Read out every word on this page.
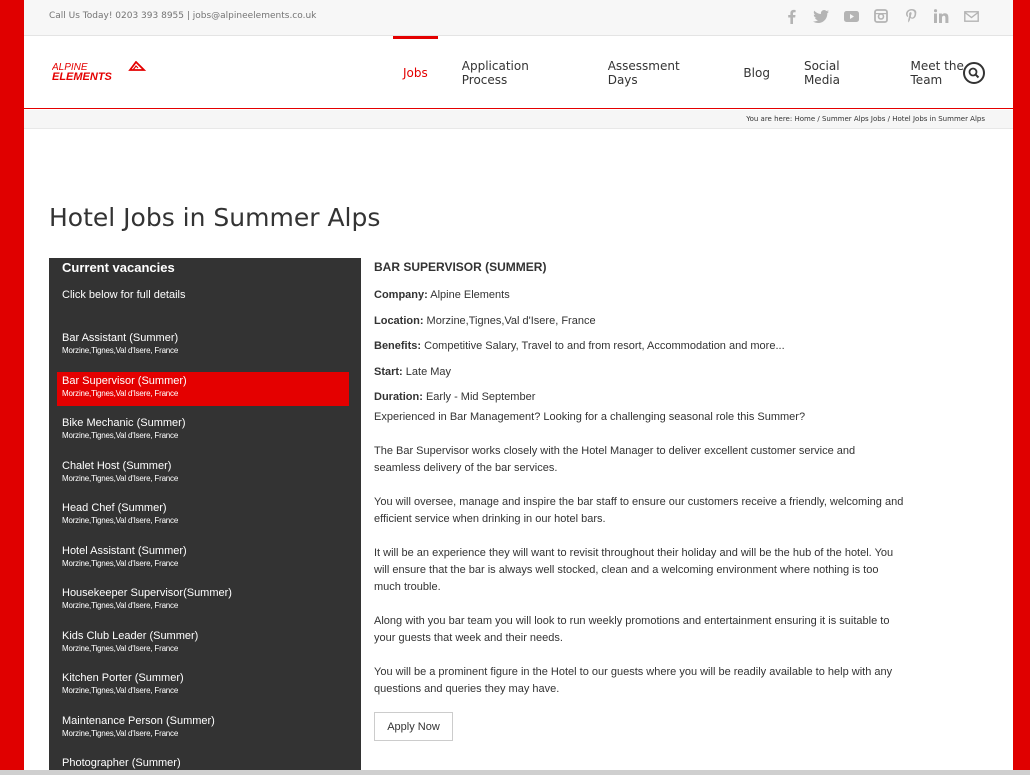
Call Us Today! 0203 393 8955 | jobs@alpineelements.co.uk
ALPINE
ELEMENTS	Jobs	Application Process
Assessment Days	Blog	Social Media
Meet the Team
You are here: Home / Summer Alps Jobs / Hotel Jobs in Summer Alps
Hotel Jobs in Summer Alps
Current vacancies
Click below for full details
Bar Assistant (Summer)
Morzine,Tignes,Val d'Isere, France
Bar Supervisor (Summer)
Morzine,Tignes,Val d'Isere, France
Bike Mechanic (Summer)
Morzine,Tignes,Val d'Isere, France
Chalet Host (Summer)
Morzine,Tignes,Val d'Isere, France
Head Chef (Summer)
Morzine,Tignes,Val d'Isere, France
Hotel Assistant (Summer)
Morzine,Tignes,Val d'Isere, France
Housekeeper Supervisor(Summer)
Morzine,Tignes,Val d'Isere, France
Kids Club Leader (Summer)
Morzine,Tignes,Val d'Isere, France
Kitchen Porter (Summer)
Morzine,Tignes,Val d'Isere, France
Maintenance Person (Summer)
Morzine,Tignes,Val d'Isere, France
Photographer (Summer)
BAR SUPERVISOR (SUMMER)
Company: Alpine Elements
Location: Morzine,Tignes,Val d'Isere, France
Benefits: Competitive Salary, Travel to and from resort, Accommodation and more...
Start: Late May
Duration: Early - Mid September

Experienced in Bar Management? Looking for a challenging seasonal role this Summer?

The Bar Supervisor works closely with the Hotel Manager to deliver excellent customer service and seamless delivery of the bar services.

You will oversee, manage and inspire the bar staff to ensure our customers receive a friendly, welcoming and efficient service when drinking in our hotel bars.

It will be an experience they will want to revisit throughout their holiday and will be the hub of the hotel. You will ensure that the bar is always well stocked, clean and a welcoming environment where nothing is too much trouble.

Along with you bar team you will look to run weekly promotions and entertainment ensuring it is suitable to your guests that week and their needs.

You will be a prominent figure in the Hotel to our guests where you will be readily available to help with any questions and queries they may have.

Apply Now
